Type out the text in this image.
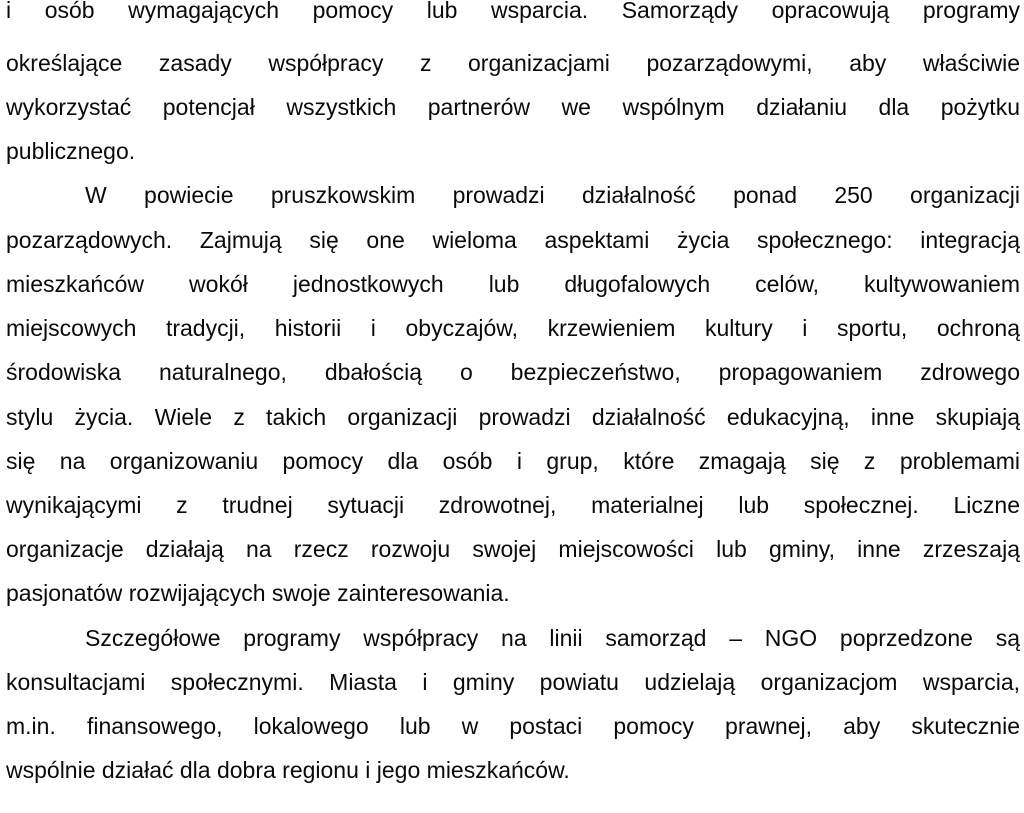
i osób wymagających pomocy lub wsparcia. Samorządy opracowują programy
określające zasady współpracy z organizacjami pozarządowymi, aby właściwie
wykorzystać potencjał wszystkich partnerów we wspólnym działaniu dla pożytku
publicznego.
W powiecie pruszkowskim prowadzi działalność ponad 250 organizacji
pozarządowych. Zajmują się one wieloma aspektami życia społecznego: integracją
mieszkańców wokół jednostkowych lub długofalowych celów, kultywowaniem
miejscowych tradycji, historii i obyczajów, krzewieniem kultury i sportu, ochroną
środowiska naturalnego, dbałością o bezpieczeństwo, propagowaniem zdrowego
stylu życia. Wiele z takich organizacji prowadzi działalność edukacyjną, inne skupiają
się na organizowaniu pomocy dla osób i grup, które zmagają się z problemami
wynikającymi z trudnej sytuacji zdrowotnej, materialnej lub społecznej. Liczne
organizacje działają na rzecz rozwoju swojej miejscowości lub gminy, inne zrzeszają
pasjonatów rozwijających swoje zainteresowania.
Szczegółowe programy współpracy na linii samorząd – NGO poprzedzone są
konsultacjami społecznymi. Miasta i gminy powiatu udzielają organizacjom wsparcia,
m.in. finansowego, lokalowego lub w postaci pomocy prawnej, aby skutecznie
wspólnie działać dla dobra regionu i jego mieszkańców.
